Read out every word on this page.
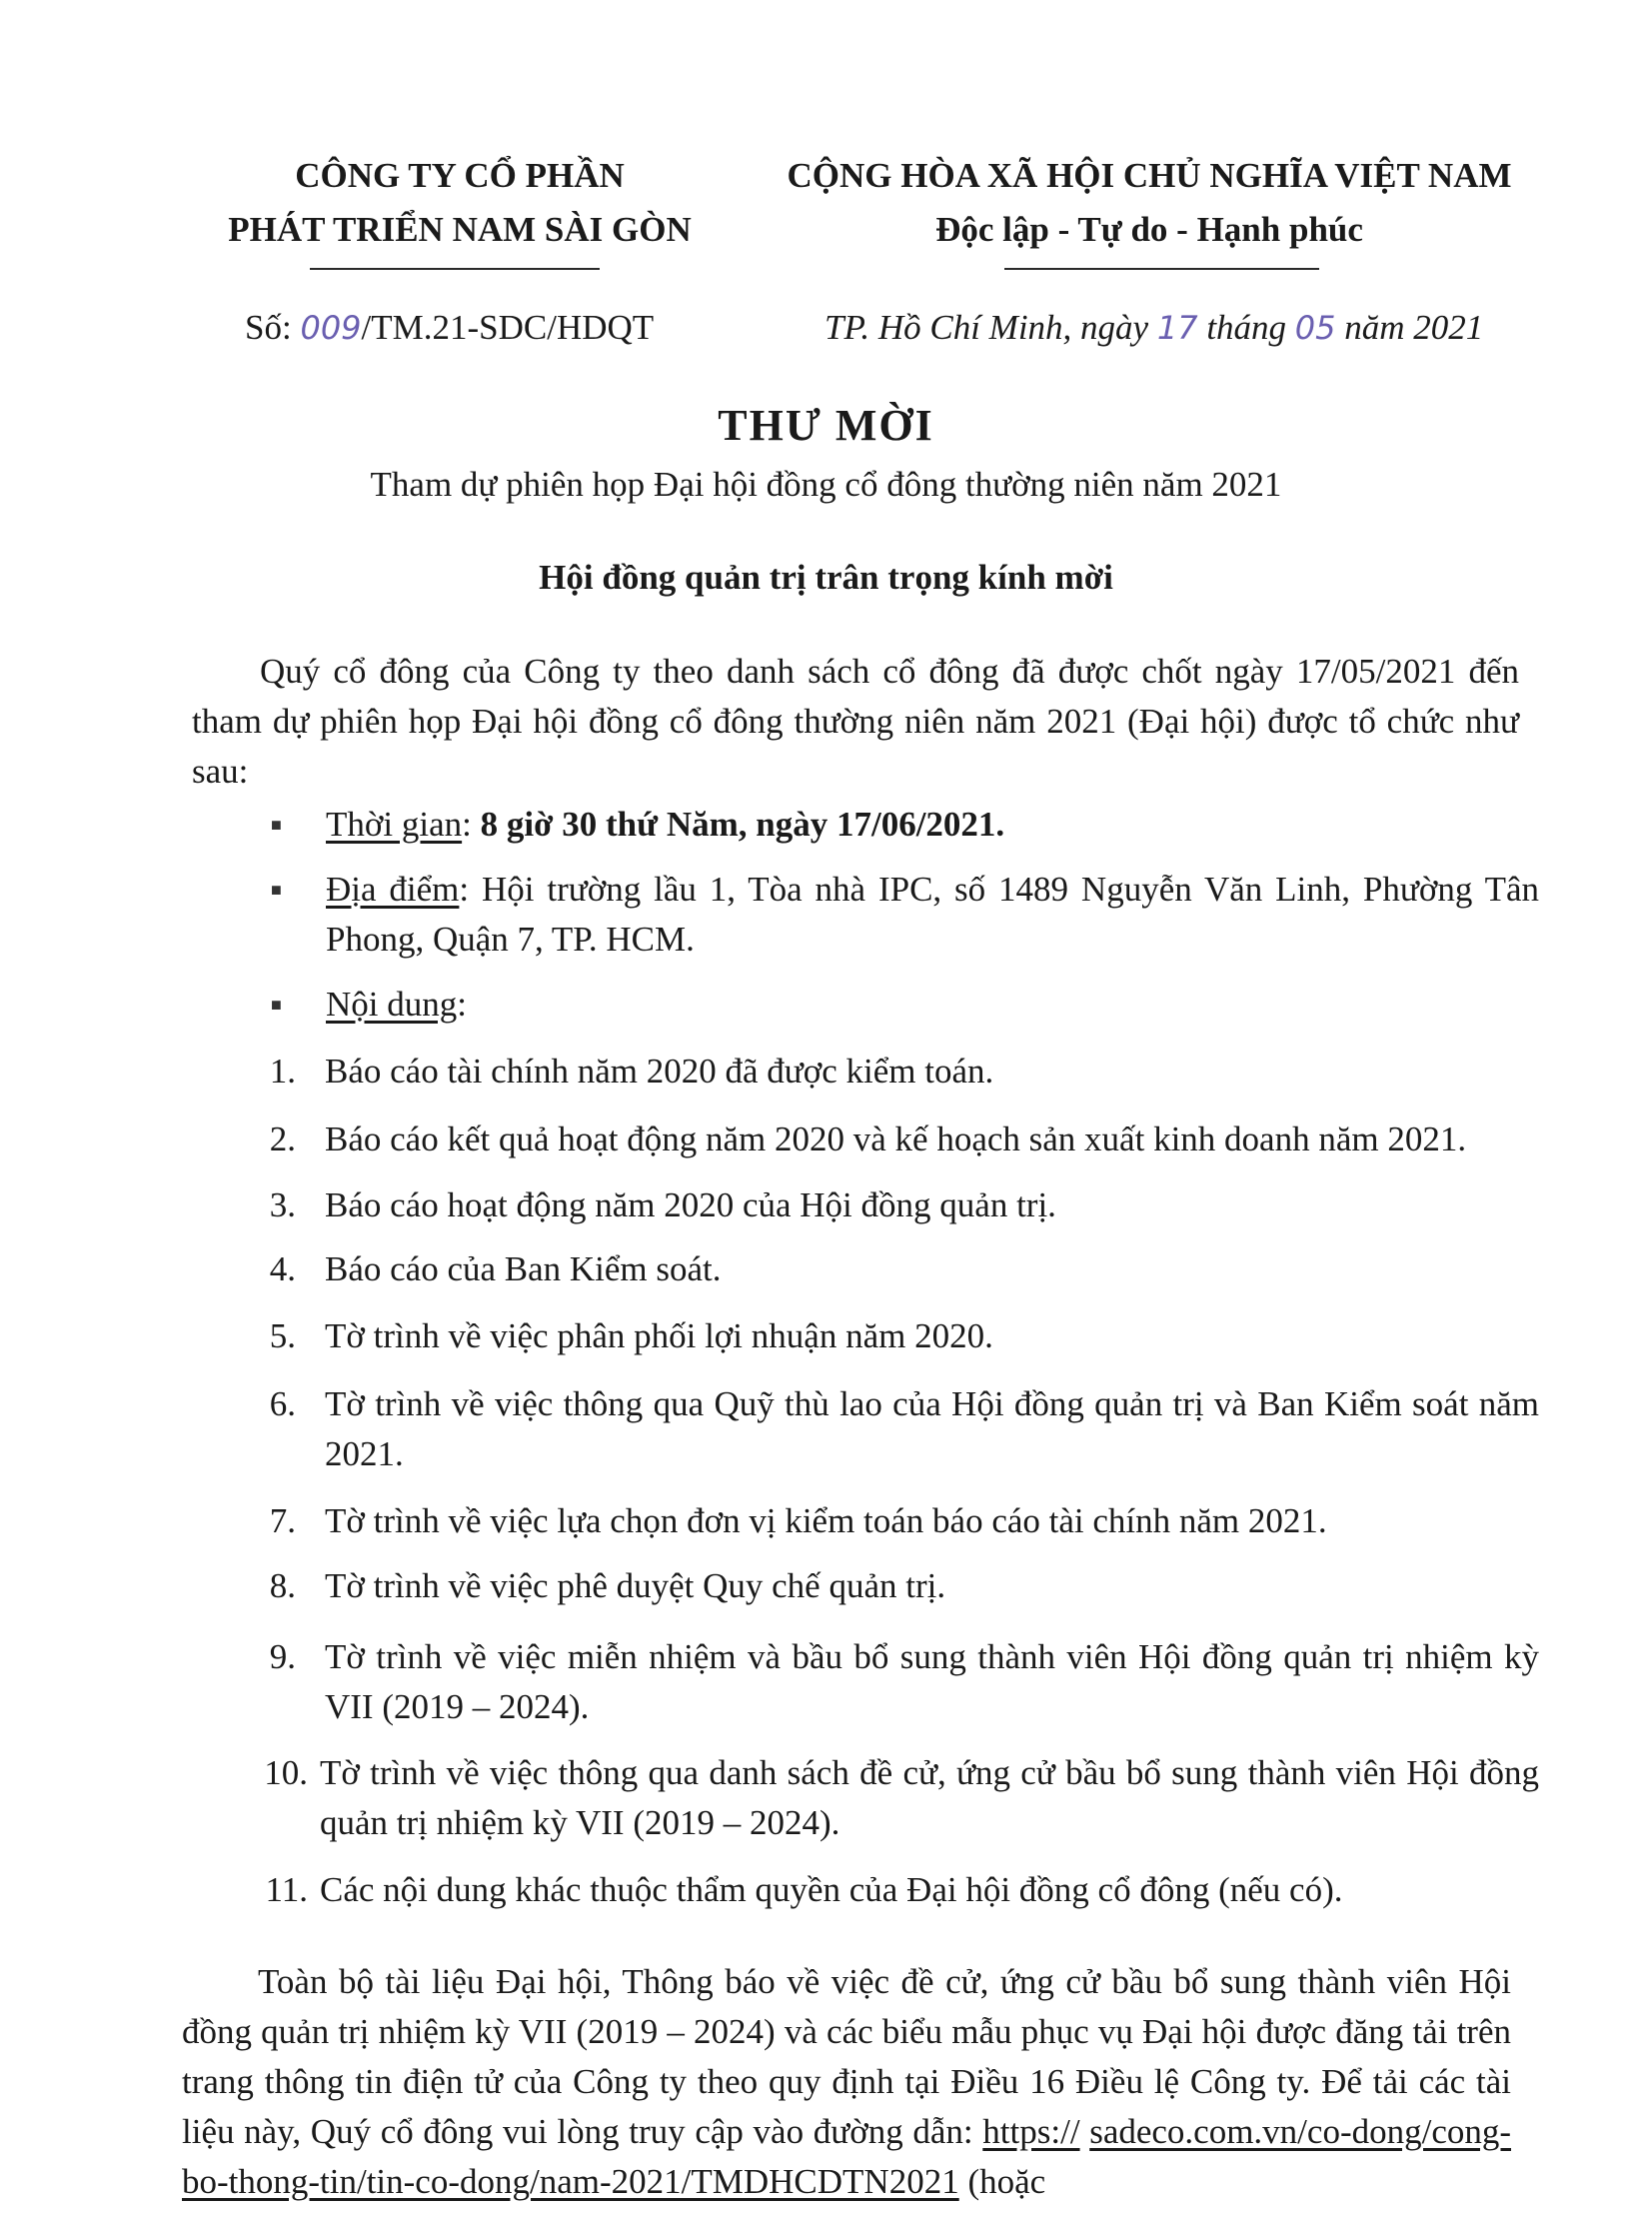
CÔNG TY CỔ PHẦN
PHÁT TRIỂN NAM SÀI GÒN
CỘNG HÒA XÃ HỘI CHỦ NGHĨA VIỆT NAM
Độc lập - Tự do - Hạnh phúc
Số: 009/TM.21-SDC/HDQT	TP. Hồ Chí Minh, ngày 17 tháng 05 năm 2021
THƯ MỜI
Tham dự phiên họp Đại hội đồng cổ đông thường niên năm 2021
Hội đồng quản trị trân trọng kính mời
Quý cổ đông của Công ty theo danh sách cổ đông đã được chốt ngày 17/05/2021 đến tham dự phiên họp Đại hội đồng cổ đông thường niên năm 2021 (Đại hội) được tổ chức như sau:
■ Thời gian: 8 giờ 30 thứ Năm, ngày 17/06/2021.
■ Địa điểm: Hội trường lầu 1, Tòa nhà IPC, số 1489 Nguyễn Văn Linh, Phường Tân Phong, Quận 7, TP. HCM.
■ Nội dung:
1. Báo cáo tài chính năm 2020 đã được kiểm toán.
2. Báo cáo kết quả hoạt động năm 2020 và kế hoạch sản xuất kinh doanh năm 2021.
3. Báo cáo hoạt động năm 2020 của Hội đồng quản trị.
4. Báo cáo của Ban Kiểm soát.
5. Tờ trình về việc phân phối lợi nhuận năm 2020.
6. Tờ trình về việc thông qua Quỹ thù lao của Hội đồng quản trị và Ban Kiểm soát năm 2021.
7. Tờ trình về việc lựa chọn đơn vị kiểm toán báo cáo tài chính năm 2021.
8. Tờ trình về việc phê duyệt Quy chế quản trị.
9. Tờ trình về việc miễn nhiệm và bầu bổ sung thành viên Hội đồng quản trị nhiệm kỳ VII (2019 – 2024).
10. Tờ trình về việc thông qua danh sách đề cử, ứng cử bầu bổ sung thành viên Hội đồng quản trị nhiệm kỳ VII (2019 – 2024).
11. Các nội dung khác thuộc thẩm quyền của Đại hội đồng cổ đông (nếu có).
Toàn bộ tài liệu Đại hội, Thông báo về việc đề cử, ứng cử bầu bổ sung thành viên Hội đồng quản trị nhiệm kỳ VII (2019 – 2024) và các biểu mẫu phục vụ Đại hội được đăng tải trên trang thông tin điện tử của Công ty theo quy định tại Điều 16 Điều lệ Công ty. Để tải các tài liệu này, Quý cổ đông vui lòng truy cập vào đường dẫn: https:// sadeco.com.vn/co-dong/cong-bo-thong-tin/tin-co-dong/nam-2021/TMDHCDTN2021 (hoặc
